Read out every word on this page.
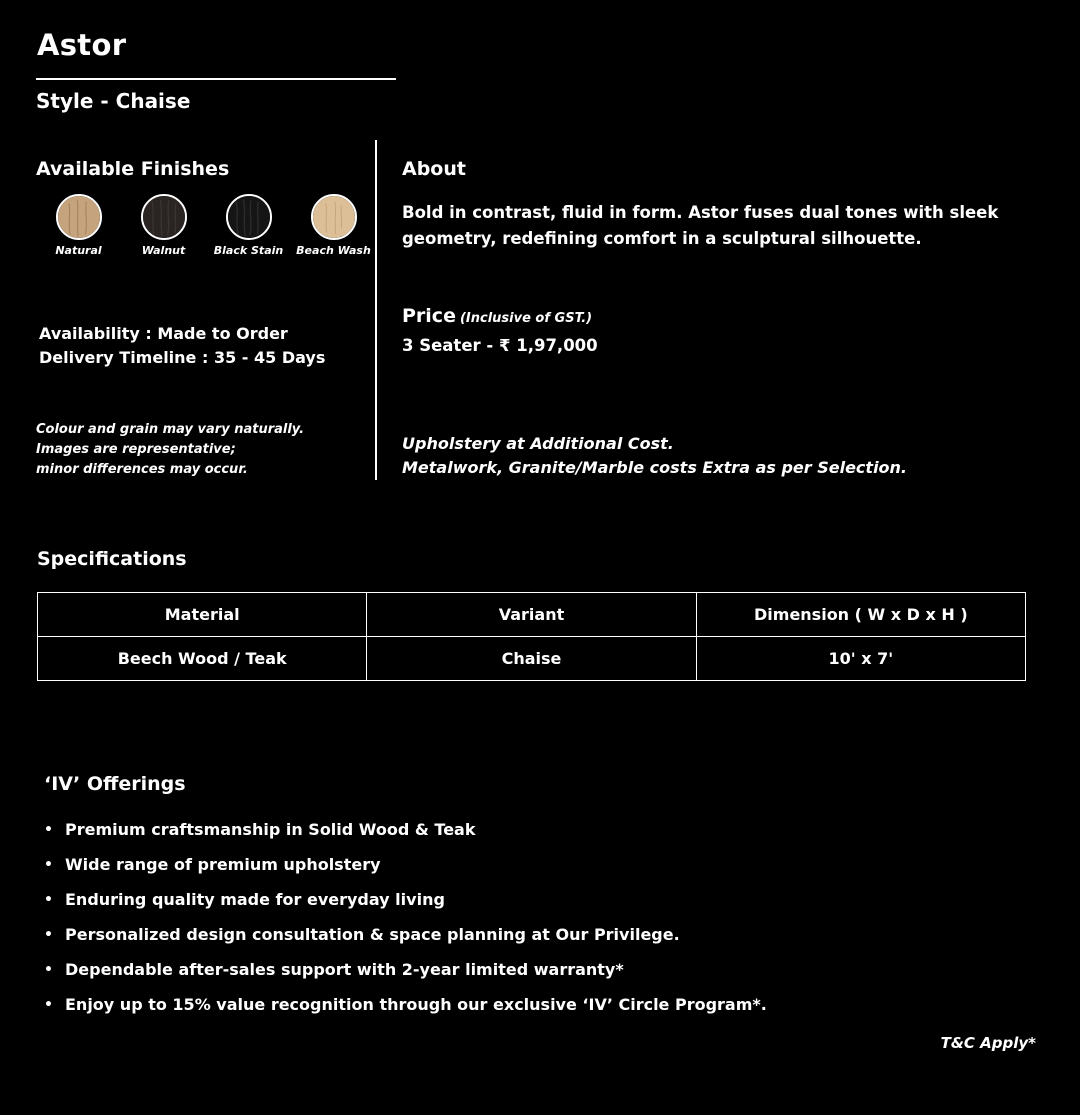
Astor
Style - Chaise
Available Finishes
Natural	Walnut	Black Stain Beach Wash
Availability : Made to Order
Delivery Timeline : 35 - 45 Days
Colour and grain may vary naturally.
Images are representative;
minor differences may occur.
About
Bold in contrast, fluid in form. Astor fuses dual tones with sleek geometry, redefining comfort in a sculptural silhouette.
Price (Inclusive of GST.)
3 Seater - ₹ 1,97,000
Upholstery at Additional Cost.
Metalwork, Granite/Marble costs Extra as per Selection.
Specifications
Material	Variant	Dimension ( W x D x H )
Beech Wood / Teak	Chaise	10' x 7'
‘IV’ Offerings
• Premium craftsmanship in Solid Wood & Teak
• Wide range of premium upholstery
• Enduring quality made for everyday living
• Personalized design consultation & space planning at Our Privilege.
• Dependable after-sales support with 2-year limited warranty*
• Enjoy up to 15% value recognition through our exclusive ‘IV’ Circle Program*.
T&C Apply*
